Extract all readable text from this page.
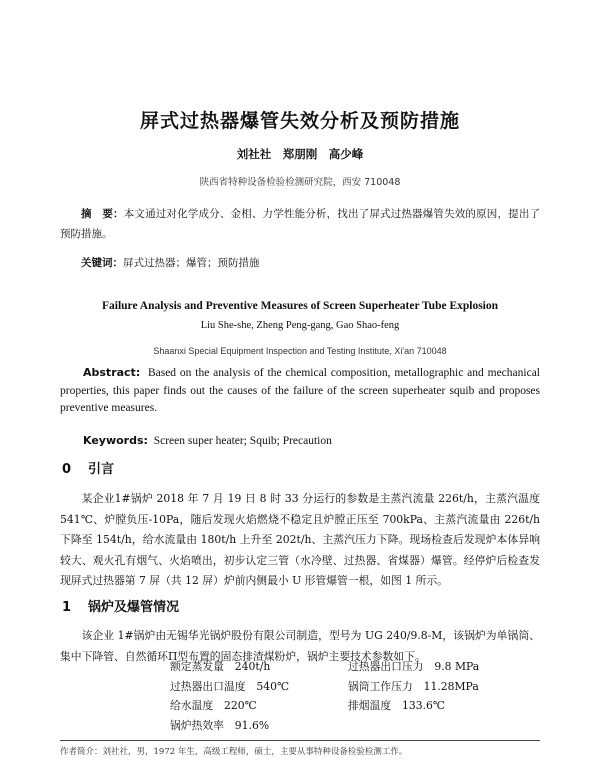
屏式过热器爆管失效分析及预防措施
刘社社　郑朋刚　高少峰
陕西省特种设备检验检测研究院，西安 710048
摘　要：本文通过对化学成分、金相、力学性能分析，找出了屏式过热器爆管失效的原因，提出了预防措施。
关键词：屏式过热器；爆管；预防措施
Failure Analysis and Preventive Measures of Screen Superheater Tube Explosion
Liu She-she, Zheng Peng-gang, Gao Shao-feng
Shaanxi Special Equipment Inspection and Testing Institute, Xi'an 710048
Abstract: Based on the analysis of the chemical composition, metallographic and mechanical properties, this paper finds out the causes of the failure of the screen superheater squib and proposes preventive measures.
Keywords: Screen super heater; Squib; Precaution
0 引言
某企业1#锅炉 2018 年 7 月 19 日 8 时 33 分运行的参数是主蒸汽流量 226t/h，主蒸汽温度 541℃、炉膛负压-10Pa，随后发现火焰燃烧不稳定且炉膛正压至 700kPa、主蒸汽流量由 226t/h 下降至 154t/h，给水流量由 180t/h 上升至 202t/h、主蒸汽压力下降。现场检查后发现炉本体异响较大、观火孔有烟气、火焰喷出，初步认定三管（水冷壁、过热器、省煤器）爆管。经停炉后检查发现屏式过热器第 7 屏（共 12 屏）炉前内侧最小 U 形管爆管一根，如图 1 所示。
1 锅炉及爆管情况
该企业 1#锅炉由无锡华光锅炉股份有限公司制造，型号为 UG 240/9.8-M，该锅炉为单锅筒、集中下降管、自然循环Π型布置的固态排渣煤粉炉，锅炉主要技术参数如下。
额定蒸发量　240t/h	过热器出口压力　9.8 MPa
过热器出口温度　540℃	锅筒工作压力　11.28MPa
给水温度　220℃	排烟温度　133.6℃
锅炉热效率　91.6%
作者简介：刘社社，男，1972 年生，高级工程师，硕士，主要从事特种设备检验检测工作。
